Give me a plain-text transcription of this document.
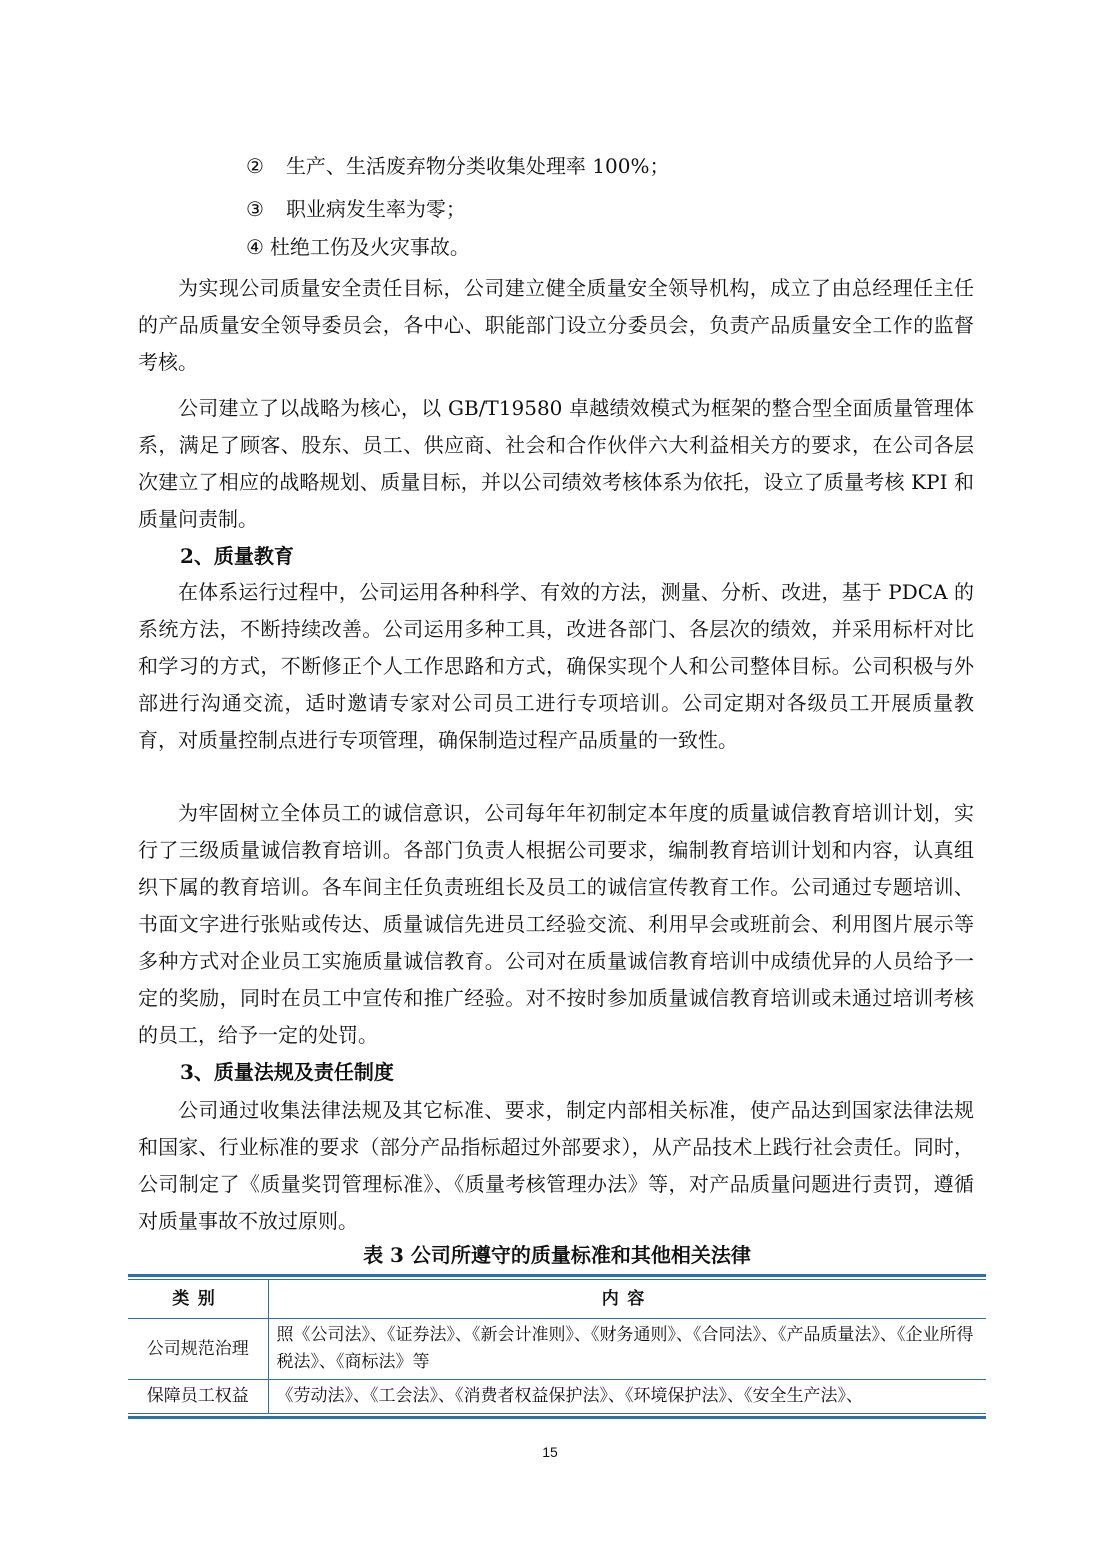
② 生产、生活废弃物分类收集处理率 100%；
③ 职业病发生率为零；
④ 杜绝工伤及火灾事故。

为实现公司质量安全责任目标，公司建立健全质量安全领导机构，成立了由总经理任主任的产品质量安全领导委员会，各中心、职能部门设立分委员会，负责产品质量安全工作的监督考核。

公司建立了以战略为核心，以 GB/T19580 卓越绩效模式为框架的整合型全面质量管理体系，满足了顾客、股东、员工、供应商、社会和合作伙伴六大利益相关方的要求，在公司各层次建立了相应的战略规划、质量目标，并以公司绩效考核体系为依托，设立了质量考核 KPI 和质量问责制。

2、质量教育

在体系运行过程中，公司运用各种科学、有效的方法，测量、分析、改进，基于 PDCA 的系统方法，不断持续改善。公司运用多种工具，改进各部门、各层次的绩效，并采用标杆对比和学习的方式，不断修正个人工作思路和方式，确保实现个人和公司整体目标。公司积极与外部进行沟通交流，适时邀请专家对公司员工进行专项培训。公司定期对各级员工开展质量教育，对质量控制点进行专项管理，确保制造过程产品质量的一致性。

为牢固树立全体员工的诚信意识，公司每年年初制定本年度的质量诚信教育培训计划，实行了三级质量诚信教育培训。各部门负责人根据公司要求，编制教育培训计划和内容，认真组织下属的教育培训。各车间主任负责班组长及员工的诚信宣传教育工作。公司通过专题培训、书面文字进行张贴或传达、质量诚信先进员工经验交流、利用早会或班前会、利用图片展示等多种方式对企业员工实施质量诚信教育。公司对在质量诚信教育培训中成绩优异的人员给予一定的奖励，同时在员工中宣传和推广经验。对不按时参加质量诚信教育培训或未通过培训考核的员工，给予一定的处罚。

3、质量法规及责任制度

公司通过收集法律法规及其它标准、要求，制定内部相关标准，使产品达到国家法律法规和国家、行业标准的要求（部分产品指标超过外部要求），从产品技术上践行社会责任。同时，公司制定了《质量奖罚管理标准》、《质量考核管理办法》等，对产品质量问题进行责罚，遵循对质量事故不放过原则。

表 3 公司所遵守的质量标准和其他相关法律
类别	内容
公司规范治理	照《公司法》、《证券法》、《新会计准则》、《财务通则》、《合同法》、《产品质量法》、《企业所得税法》、《商标法》等
保障员工权益	《劳动法》、《工会法》、《消费者权益保护法》、《环境保护法》、《安全生产法》、
15
